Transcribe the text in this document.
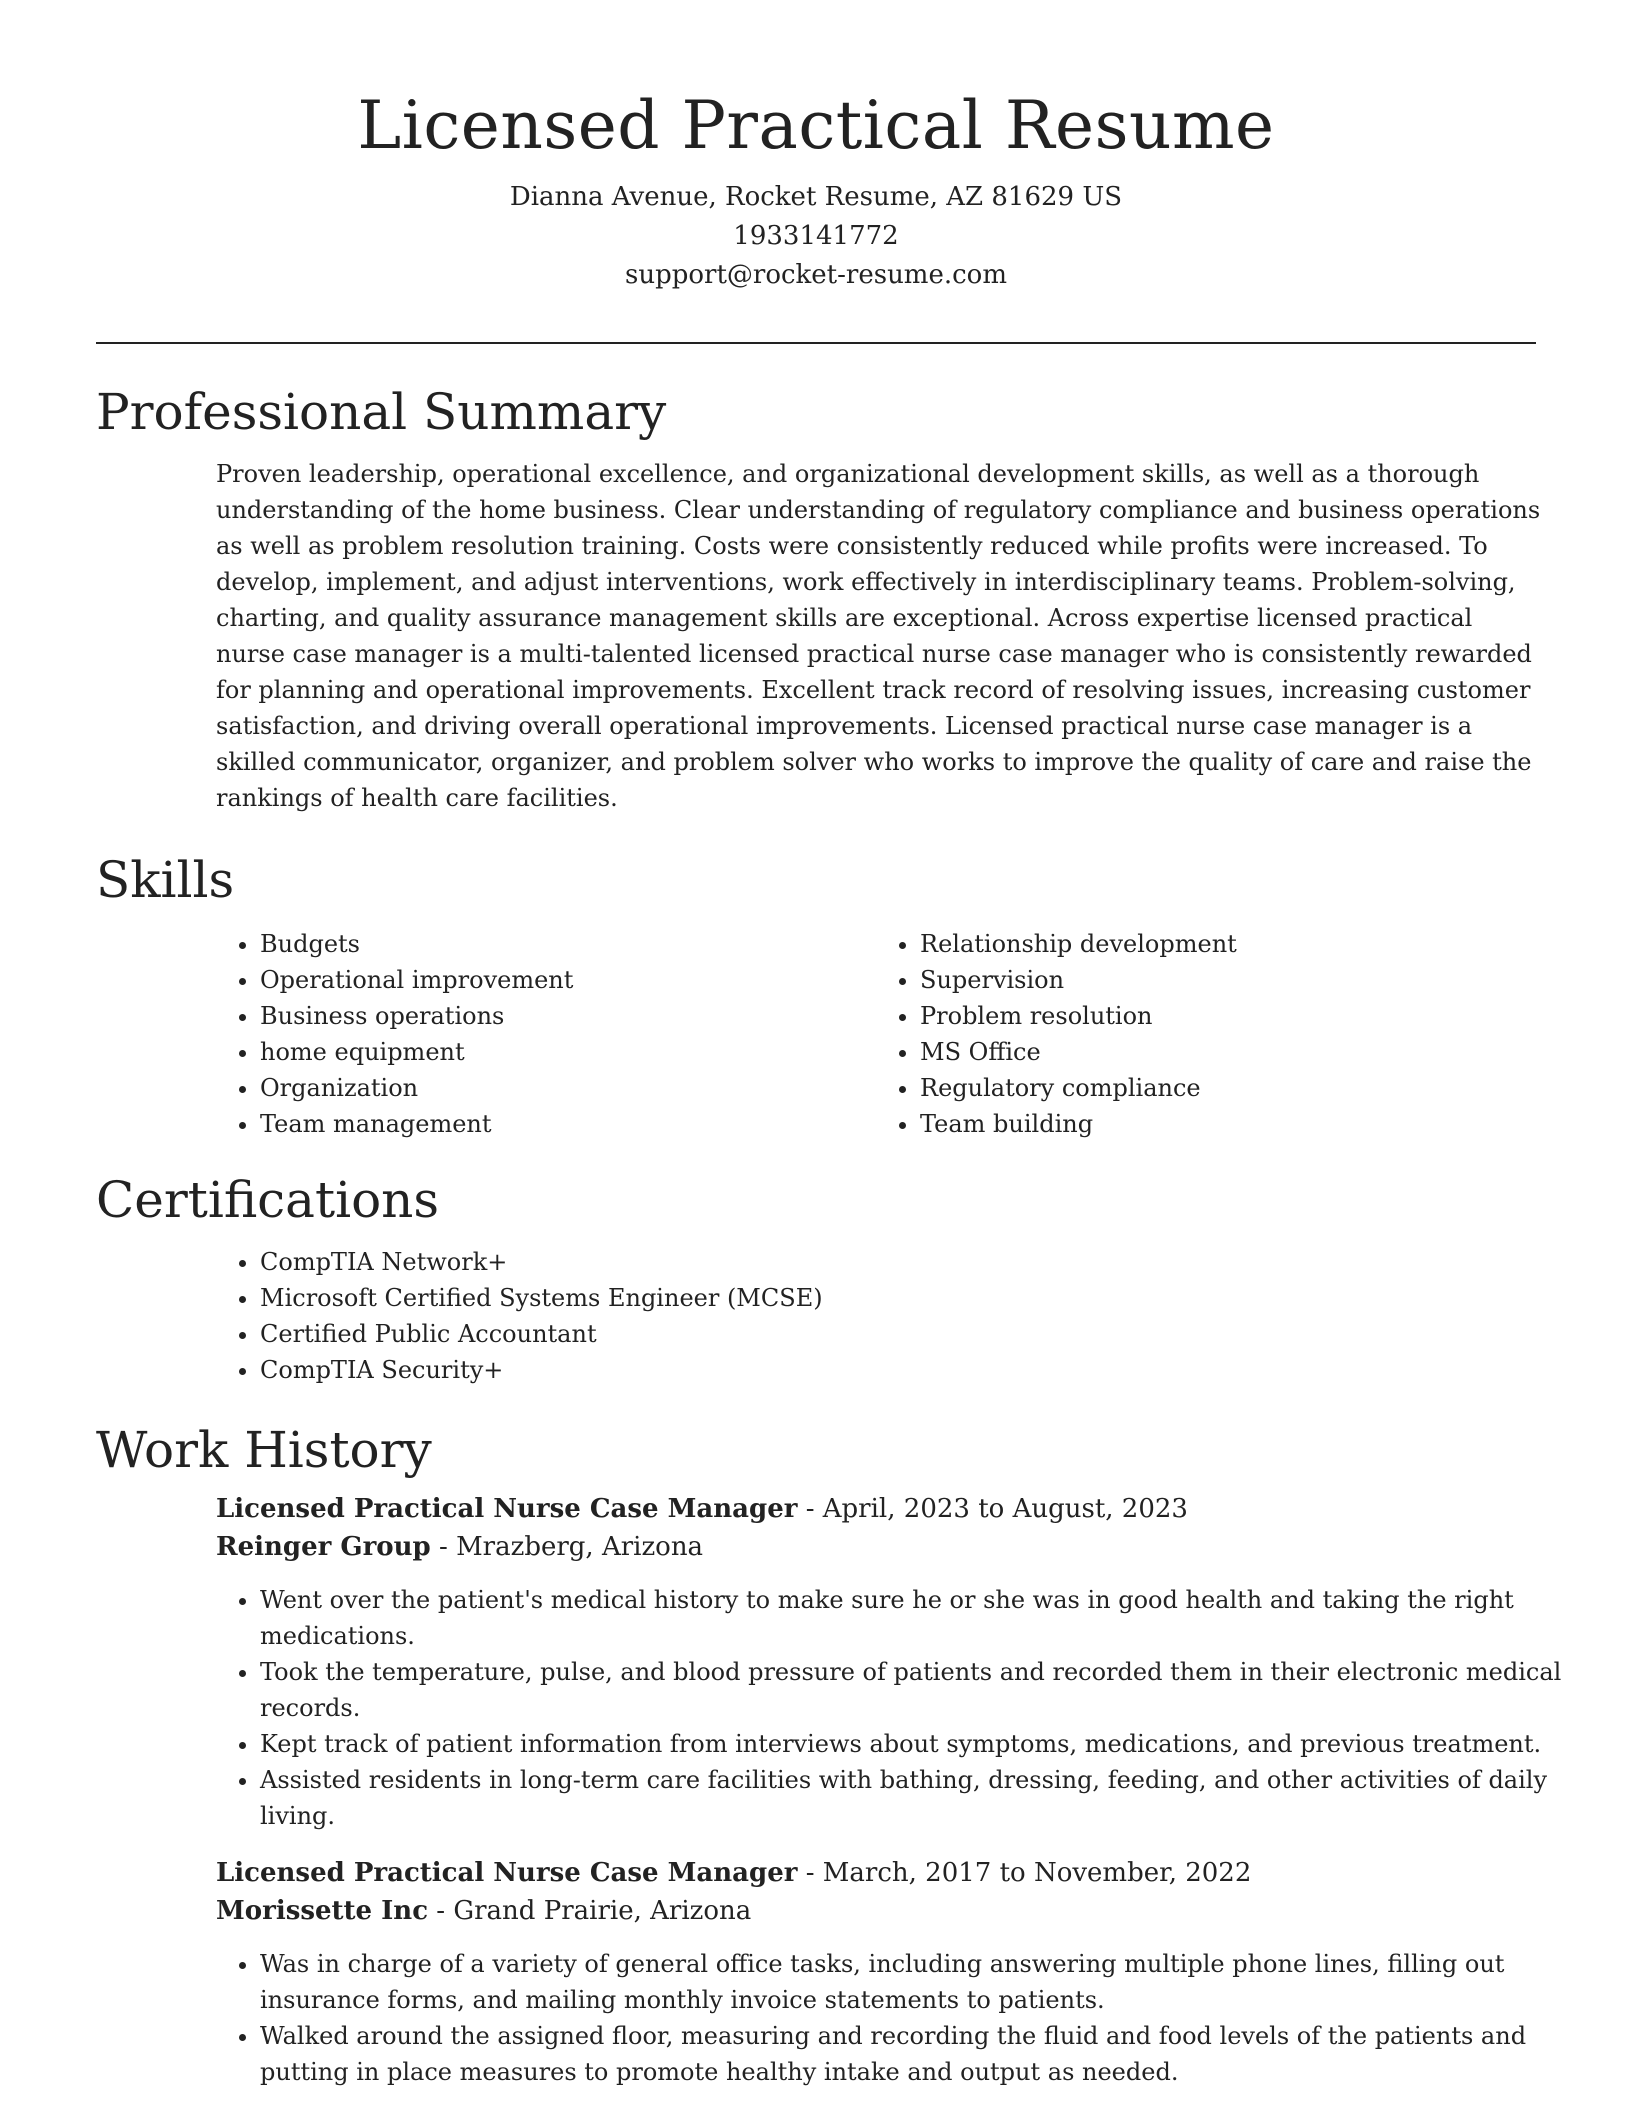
Licensed Practical Resume

Dianna Avenue, Rocket Resume, AZ 81629 US

1933141772

support@rocket-resume.com

Professional Summary

Proven leadership, operational excellence, and organizational development skills, as well as a thorough understanding of the home business. Clear understanding of regulatory compliance and business operations as well as problem resolution training. Costs were consistently reduced while profits were increased. To develop, implement, and adjust interventions, work effectively in interdisciplinary teams. Problem-solving, charting, and quality assurance management skills are exceptional. Across expertise licensed practical nurse case manager is a multi-talented licensed practical nurse case manager who is consistently rewarded for planning and operational improvements. Excellent track record of resolving issues, increasing customer satisfaction, and driving overall operational improvements. Licensed practical nurse case manager is a skilled communicator, organizer, and problem solver who works to improve the quality of care and raise the rankings of health care facilities.

Skills
• Budgets
• Operational improvement
• Business operations
• home equipment
• Organization
• Team management
• Relationship development
• Supervision
• Problem resolution
• MS Office
• Regulatory compliance
• Team building
Certifications
• CompTIA Network+
• Microsoft Certified Systems Engineer (MCSE)
• Certified Public Accountant
• CompTIA Security+
Work History

Licensed Practical Nurse Case Manager - April, 2023 to August, 2023

Reinger Group - Mrazberg, Arizona

• Went over the patient's medical history to make sure he or she was in good health and taking the right medications.
• Took the temperature, pulse, and blood pressure of patients and recorded them in their electronic medical records.
• Kept track of patient information from interviews about symptoms, medications, and previous treatment.
• Assisted residents in long-term care facilities with bathing, dressing, feeding, and other activities of daily living.

Licensed Practical Nurse Case Manager - March, 2017 to November, 2022

Morissette Inc - Grand Prairie, Arizona

• Was in charge of a variety of general office tasks, including answering multiple phone lines, filling out insurance forms, and mailing monthly invoice statements to patients.
• Walked around the assigned floor, measuring and recording the fluid and food levels of the patients and putting in place measures to promote healthy intake and output as needed.
